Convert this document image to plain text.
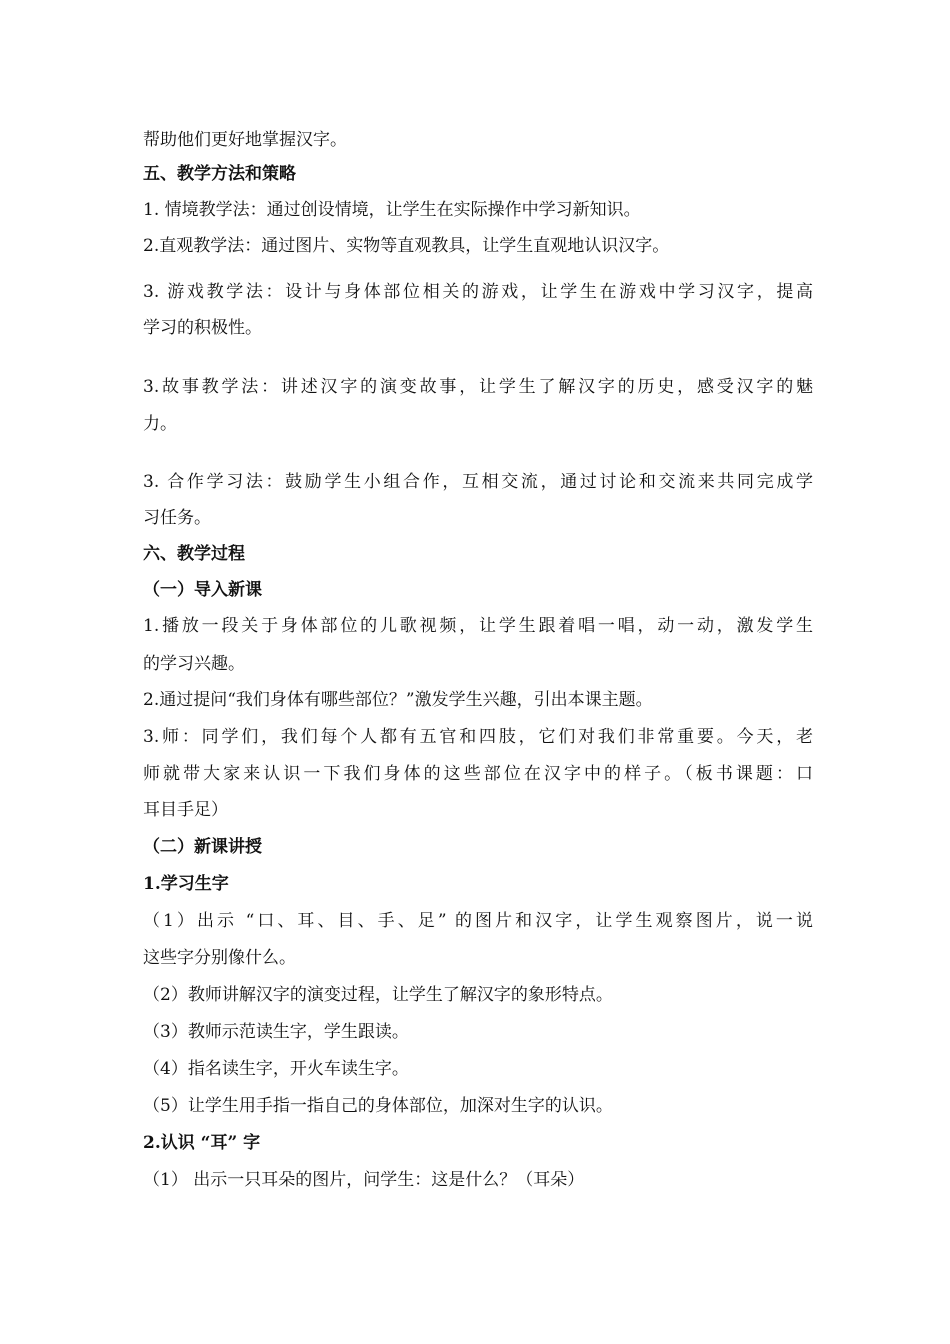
帮助他们更好地掌握汉字。
五、教学方法和策略
1. 情境教学法：通过创设情境，让学生在实际操作中学习新知识。
2.直观教学法：通过图片、实物等直观教具，让学生直观地认识汉字。
3. 游戏教学法：设计与身体部位相关的游戏，让学生在游戏中学习汉字，提高
学习的积极性。
3.故事教学法：讲述汉字的演变故事，让学生了解汉字的历史，感受汉字的魅
力。
3. 合作学习法：鼓励学生小组合作，互相交流，通过讨论和交流来共同完成学
习任务。
六、教学过程
（一）导入新课
1.播放一段关于身体部位的儿歌视频，让学生跟着唱一唱，动一动，激发学生
的学习兴趣。
2.通过提问“我们身体有哪些部位？”激发学生兴趣，引出本课主题。
3.师：同学们，我们每个人都有五官和四肢，它们对我们非常重要。今天，老
师就带大家来认识一下我们身体的这些部位在汉字中的样子。（板书课题：口
耳目手足）
（二）新课讲授
1.学习生字
（1）出示 “口、耳、目、手、足” 的图片和汉字，让学生观察图片，说一说
这些字分别像什么。
（2）教师讲解汉字的演变过程，让学生了解汉字的象形特点。
（3）教师示范读生字，学生跟读。
（4）指名读生字，开火车读生字。
（5）让学生用手指一指自己的身体部位，加深对生字的认识。
2.认识 “耳” 字
（1） 出示一只耳朵的图片，问学生：这是什么？（耳朵）
